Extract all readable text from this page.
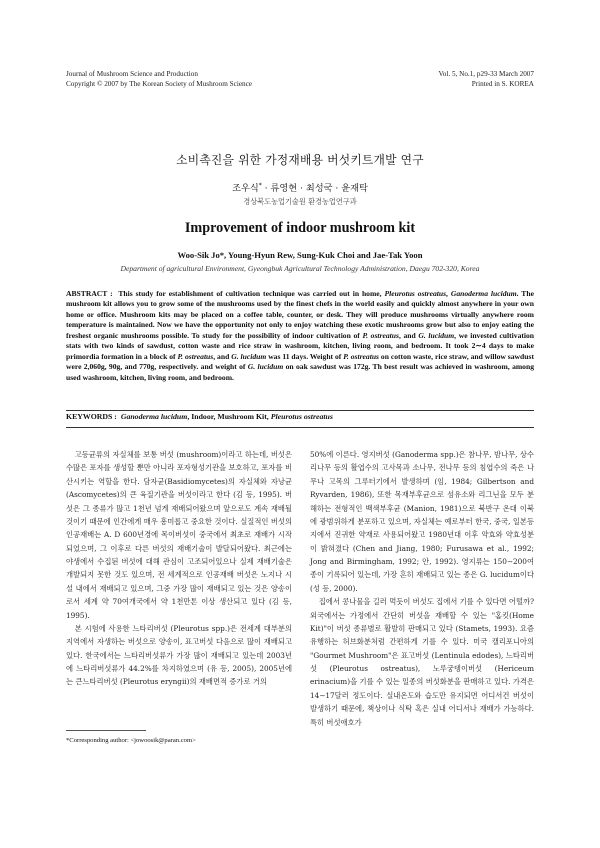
Journal of Mushroom Science and Production
Copyright © 2007 by The Korean Society of Mushroom Science
Vol. 5, No.1, p29-33 March 2007
Printed in S. KOREA
소비촉진을 위한 가정재배용 버섯키트개발 연구
조우식* · 류영현 · 최성국 · 윤재탁
경상북도농업기술원 환경농업연구과
Improvement of indoor mushroom kit
Woo-Sik Jo*, Young-Hyun Rew, Sung-Kuk Choi and Jae-Tak Yoon
Department of agricultural Environment, Gyeongbuk Agricultural Technology Administration, Daegu 702-320, Korea
ABSTRACT : This study for establishment of cultivation technique was carried out in home, Pleurotus ostreatus, Ganoderma lucidum. The mushroom kit allows you to grow some of the mushrooms used by the finest chefs in the world easily and quickly almost anywhere in your own home or office. Mushroom kits may be placed on a coffee table, counter, or desk. They will produce mushrooms virtually anywhere room temperature is maintained. Now we have the opportunity not only to enjoy watching these exotic mushrooms grow but also to enjoy eating the freshest organic mushrooms possible. To study for the possibility of indoor cultivation of P. ostreatus, and G. lucidum, we invested cultivation stats with two kinds of sawdust, cotton waste and rice straw in washroom, kitchen, living room, and bedroom. It took 2∼4 days to make primordia formation in a block of P. ostreatus, and G. lucidum was 11 days. Weight of P. ostreatus on cotton waste, rice straw, and willow sawdust were 2,060g, 90g, and 770g, respectively. and weight of G. lucidum on oak sawdust was 172g. Th best result was achieved in washroom, among used washroom, kitchen, living room, and bedroom.
KEYWORDS : Ganoderma lucidum, Indoor, Mushroom Kit, Pleurotus ostreatus

고등균류의 자실체를 보통 버섯 (mushroom)이라고 하는데, 버섯은 수많은 포자를 생성할 뿐만 아니라 포자형성기관을 보호하고, 포자를 비산시키는 역할을 한다. 담자균(Basidiomycetes)의 자실체와 자낭균 (Ascomycetes)의 큰 육질기관을 버섯이라고 한다 (김 등, 1995). 버섯은 그 종류가 많고 1천년 넘게 재배되어왔으며 앞으로도 계속 재배될 것이기 때문에 인간에게 매우 흥미롭고 중요한 것이다. 실질적인 버섯의 인공재배는 A. D 600년경에 목이버섯이 중국에서 최초로 재배가 시작되었으며, 그 이후로 다른 버섯의 재배기술이 발달되어왔다. 최근에는 야생에서 수집된 버섯에 대해 관심이 고조되어있으나 실제 재배기술은 개발되지 못한 것도 있으며, 전 세계적으로 인공재배 버섯은 노지나 시설 내에서 재배되고 있으며, 그중 가장 많이 재배되고 있는 것은 양송이로서 세계 약 70여개국에서 약 1천만톤 이상 생산되고 있다 (김 등, 1995).

본 시험에 사용한 느타리버섯 (Pleurotus spp.)은 전세계 대부분의 지역에서 자생하는 버섯으로 양송이, 표고버섯 다음으로 많이 재배되고 있다. 한국에서는 느타리버섯류가 가장 많이 재배되고 있는데 2003년에 느타리버섯류가 44.2%를 차지하였으며 (유 등, 2005), 2005년에는 큰느타리버섯 (Pleurotus eryngii)의 재배면적 증가로 거의

50%에 이른다. 영지버섯 (Ganoderma spp.)은 참나무, 밤나무, 상수리나무 등의 활엽수의 고사목과 소나무, 전나무 등의 침엽수의 죽은 나무나 고목의 그루터기에서 발생하며 (임, 1984; Gilbertson and Ryvarden, 1986), 또한 목재부후균으로 섬유소와 리그닌을 모두 분해하는 전형적인 백색부후균 (Manion, 1981)으로 북반구 온대 이북에 광범위하게 분포하고 있으며, 자실체는 예로부터 한국, 중국, 일본등지에서 진귀한 약재로 사용되어왔고 1980년대 이후 약효와 약효성분이 밝혀졌다 (Chen and Jiang, 1980; Furusawa et al., 1992; Jong and Birmingham, 1992; 안, 1992). 영지류는 150∼200여종이 기록되어 있는데, 가장 흔히 재배되고 있는 종은 G. lucidum이다 (성 등, 2000).

집에서 콩나물을 길러 먹듯이 버섯도 집에서 기를 수 있다면 어떨까? 외국에서는 가정에서 간단히 버섯을 재배할 수 있는 "홈킷(Home Kit)"이 버섯 종류별로 활발히 판매되고 있다 (Stamets, 1993). 요즘 유행하는 허브화분처럼 간편하게 기를 수 있다. 미국 캘리포니아의 "Gourmet Mushroom"은 표고버섯 (Lentinula edodes), 느타리버섯 (Pleurotus ostreatus), 노루궁뎅이버섯 (Hericeum erinacium)을 기를 수 있는 일종의 버섯화분을 판매하고 있다. 가격은 14∼17달러 정도이다. 실내온도와 습도만 유지되면 어디서건 버섯이 발생하기 때문에, 책상이나 식탁 혹은 실내 어디서나 재배가 가능하다. 특히 버섯애호가

*Corresponding author: <jowoosik@paran.com>
